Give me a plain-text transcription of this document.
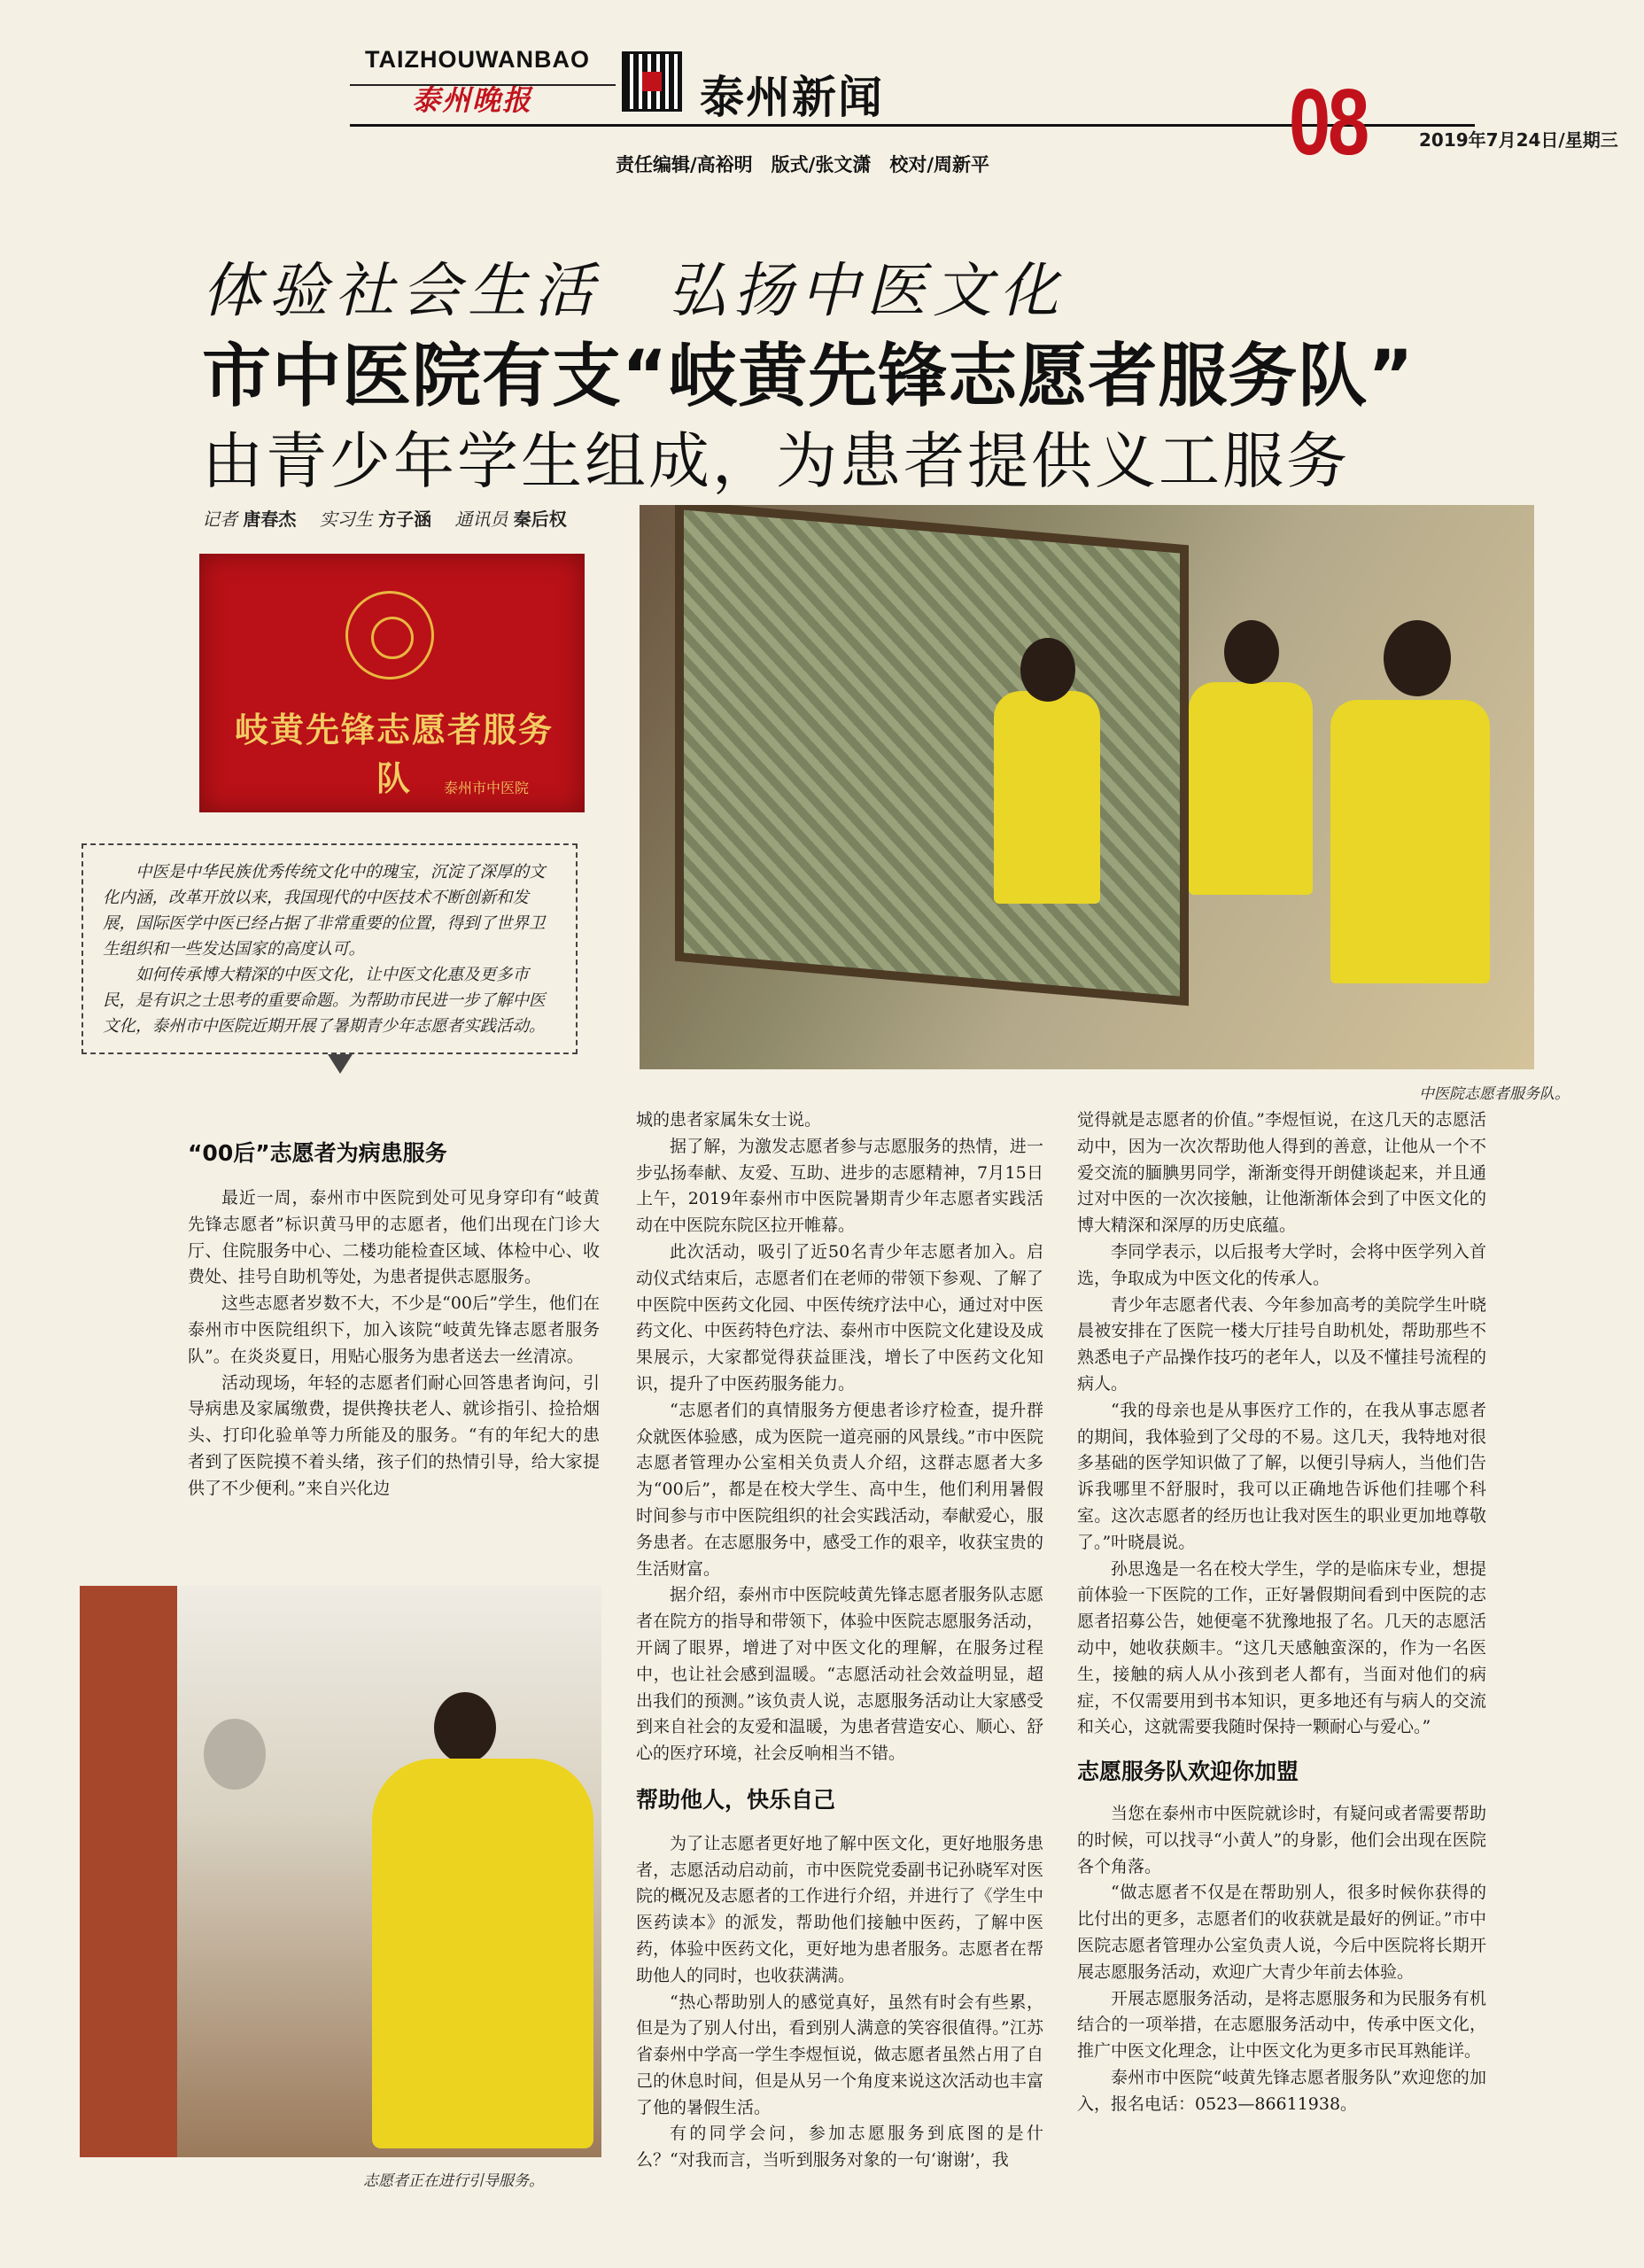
TAIZHOUWANBAO
泰州晚报	泰州新闻
责任编辑/高裕明　版式/张文潇　校对/周新平	08	2019年7月24日/星期三
体验社会生活　弘扬中医文化
市中医院有支“岐黄先锋志愿者服务队”
由青少年学生组成，为患者提供义工服务
记者 唐春杰　 实习生 方子涵　 通讯员 秦后权
岐黄先锋志愿者服务队	泰州市中医院

中医是中华民族优秀传统文化中的瑰宝，沉淀了深厚的文化内涵，改革开放以来，我国现代的中医技术不断创新和发展，国际医学中医已经占据了非常重要的位置，得到了世界卫生组织和一些发达国家的高度认可。

如何传承博大精深的中医文化，让中医文化惠及更多市民，是有识之士思考的重要命题。为帮助市民进一步了解中医文化，泰州市中医院近期开展了暑期青少年志愿者实践活动。

中医院志愿者服务队。
“00后”志愿者为病患服务

最近一周，泰州市中医院到处可见身穿印有“岐黄先锋志愿者”标识黄马甲的志愿者，他们出现在门诊大厅、住院服务中心、二楼功能检查区域、体检中心、收费处、挂号自助机等处，为患者提供志愿服务。

这些志愿者岁数不大，不少是“00后”学生，他们在泰州市中医院组织下，加入该院“岐黄先锋志愿者服务队”。在炎炎夏日，用贴心服务为患者送去一丝清凉。

活动现场，年轻的志愿者们耐心回答患者询问，引导病患及家属缴费，提供搀扶老人、就诊指引、捡拾烟头、打印化验单等力所能及的服务。“有的年纪大的患者到了医院摸不着头绪，孩子们的热情引导，给大家提供了不少便利。”来自兴化边

志愿者正在进行引导服务。

城的患者家属朱女士说。

据了解，为激发志愿者参与志愿服务的热情，进一步弘扬奉献、友爱、互助、进步的志愿精神，7月15日上午，2019年泰州市中医院暑期青少年志愿者实践活动在中医院东院区拉开帷幕。

此次活动，吸引了近50名青少年志愿者加入。启动仪式结束后，志愿者们在老师的带领下参观、了解了中医院中医药文化园、中医传统疗法中心，通过对中医药文化、中医药特色疗法、泰州市中医院文化建设及成果展示，大家都觉得获益匪浅，增长了中医药文化知识，提升了中医药服务能力。

“志愿者们的真情服务方便患者诊疗检查，提升群众就医体验感，成为医院一道亮丽的风景线。”市中医院志愿者管理办公室相关负责人介绍，这群志愿者大多为“00后”，都是在校大学生、高中生，他们利用暑假时间参与市中医院组织的社会实践活动，奉献爱心，服务患者。在志愿服务中，感受工作的艰辛，收获宝贵的生活财富。

据介绍，泰州市中医院岐黄先锋志愿者服务队志愿者在院方的指导和带领下，体验中医院志愿服务活动，开阔了眼界，增进了对中医文化的理解，在服务过程中，也让社会感到温暖。“志愿活动社会效益明显，超出我们的预测。”该负责人说，志愿服务活动让大家感受到来自社会的友爱和温暖，为患者营造安心、顺心、舒心的医疗环境，社会反响相当不错。

帮助他人，快乐自己

为了让志愿者更好地了解中医文化，更好地服务患者，志愿活动启动前，市中医院党委副书记孙晓军对医院的概况及志愿者的工作进行介绍，并进行了《学生中医药读本》的派发，帮助他们接触中医药，了解中医药，体验中医药文化，更好地为患者服务。志愿者在帮助他人的同时，也收获满满。

“热心帮助别人的感觉真好，虽然有时会有些累，但是为了别人付出，看到别人满意的笑容很值得。”江苏省泰州中学高一学生李煜恒说，做志愿者虽然占用了自己的休息时间，但是从另一个角度来说这次活动也丰富了他的暑假生活。

有的同学会问，参加志愿服务到底图的是什么？“对我而言，当听到服务对象的一句‘谢谢’，我

觉得就是志愿者的价值。”李煜恒说，在这几天的志愿活动中，因为一次次帮助他人得到的善意，让他从一个不爱交流的腼腆男同学，渐渐变得开朗健谈起来，并且通过对中医的一次次接触，让他渐渐体会到了中医文化的博大精深和深厚的历史底蕴。

李同学表示，以后报考大学时，会将中医学列入首选，争取成为中医文化的传承人。

青少年志愿者代表、今年参加高考的美院学生叶晓晨被安排在了医院一楼大厅挂号自助机处，帮助那些不熟悉电子产品操作技巧的老年人，以及不懂挂号流程的病人。

“我的母亲也是从事医疗工作的，在我从事志愿者的期间，我体验到了父母的不易。这几天，我特地对很多基础的医学知识做了了解，以便引导病人，当他们告诉我哪里不舒服时，我可以正确地告诉他们挂哪个科室。这次志愿者的经历也让我对医生的职业更加地尊敬了。”叶晓晨说。

孙思逸是一名在校大学生，学的是临床专业，想提前体验一下医院的工作，正好暑假期间看到中医院的志愿者招募公告，她便毫不犹豫地报了名。几天的志愿活动中，她收获颇丰。“这几天感触蛮深的，作为一名医生，接触的病人从小孩到老人都有，当面对他们的病症，不仅需要用到书本知识，更多地还有与病人的交流和关心，这就需要我随时保持一颗耐心与爱心。”

志愿服务队欢迎你加盟

当您在泰州市中医院就诊时，有疑问或者需要帮助的时候，可以找寻“小黄人”的身影，他们会出现在医院各个角落。

“做志愿者不仅是在帮助别人，很多时候你获得的比付出的更多，志愿者们的收获就是最好的例证。”市中医院志愿者管理办公室负责人说，今后中医院将长期开展志愿服务活动，欢迎广大青少年前去体验。

开展志愿服务活动，是将志愿服务和为民服务有机结合的一项举措，在志愿服务活动中，传承中医文化，推广中医文化理念，让中医文化为更多市民耳熟能详。

泰州市中医院“岐黄先锋志愿者服务队”欢迎您的加入，报名电话：0523—86611938。
